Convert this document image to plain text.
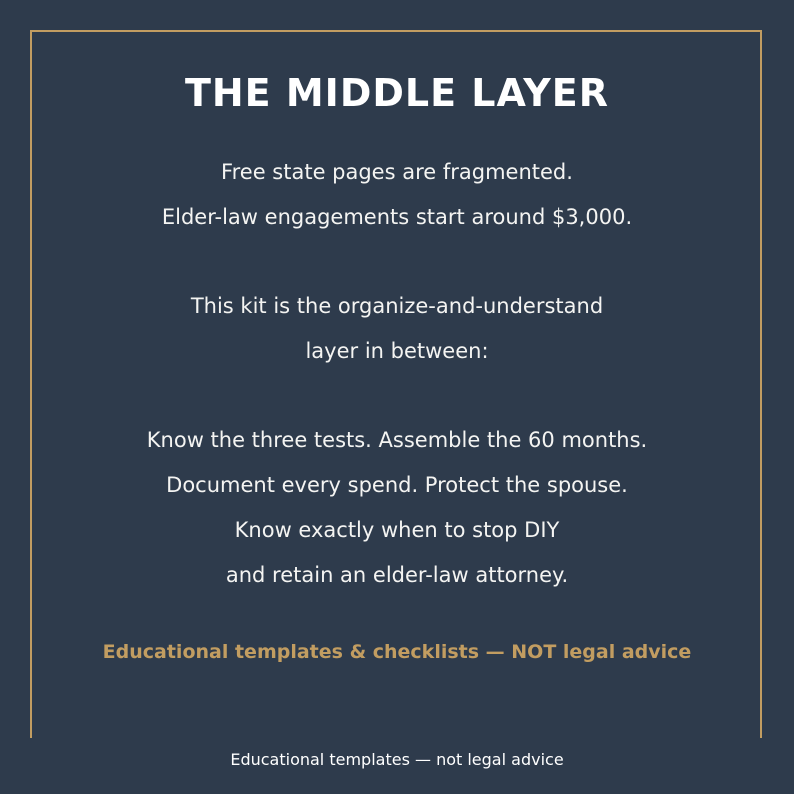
THE MIDDLE LAYER

Free state pages are fragmented.

Elder-law engagements start around $3,000.

This kit is the organize-and-understand

layer in between:

Know the three tests. Assemble the 60 months.

Document every spend. Protect the spouse.

Know exactly when to stop DIY

and retain an elder-law attorney.

Educational templates & checklists — NOT legal advice

Educational templates — not legal advice
